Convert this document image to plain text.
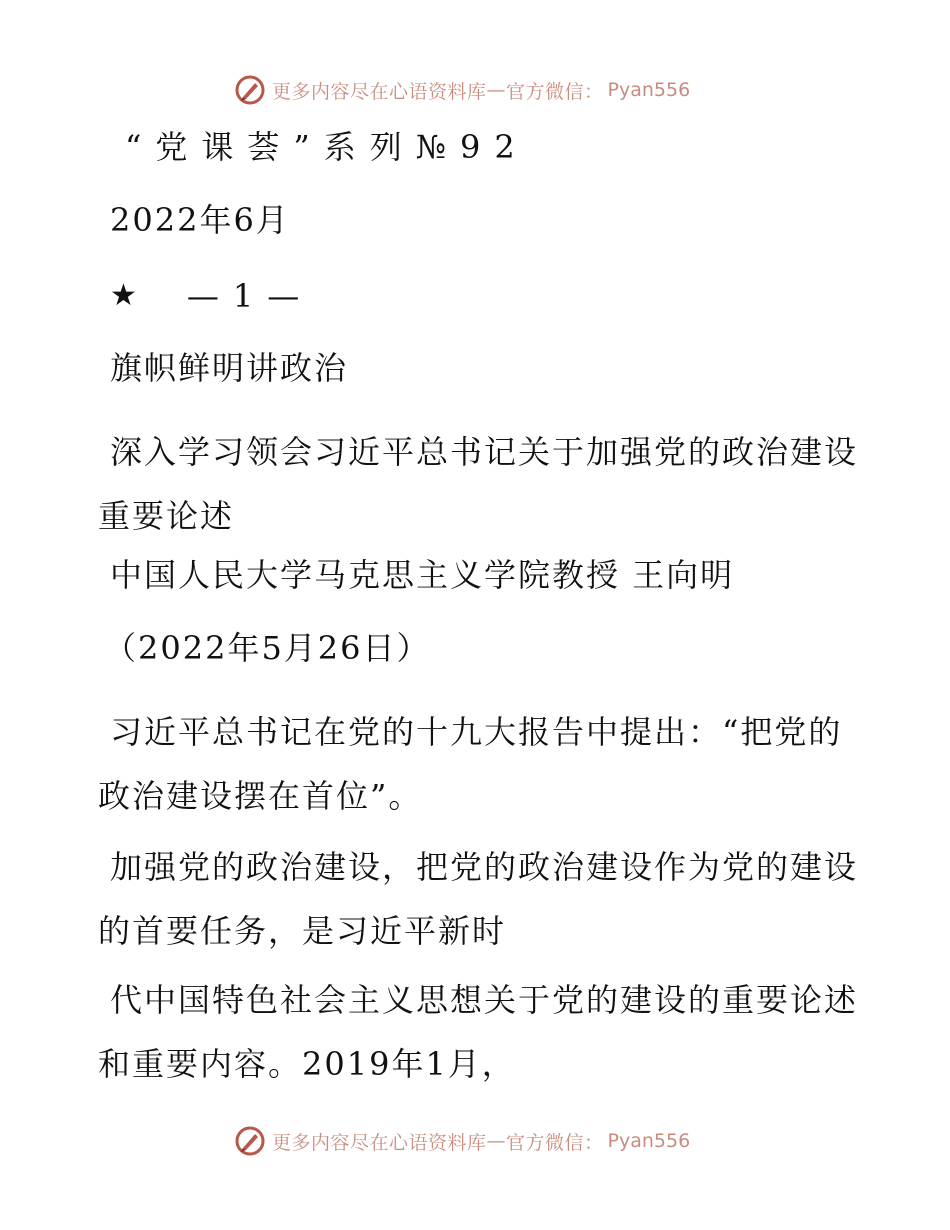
更多内容尽在心语资料库 — 官方微信： Pyan556
“党课荟”系列№92
2022年6月
★ —1—
旗帜鲜明讲政治
深入学习领会习近平总书记关于加强党的政治建设重要论述
中国人民大学马克思主义学院教授 王向明
（2022年5月26日）
习近平总书记在党的十九大报告中提出：“把党的政治建设摆在首位”。
加强党的政治建设，把党的政治建设作为党的建设的首要任务，是习近平新时
代中国特色社会主义思想关于党的建设的重要论述和重要内容。2019年1月，
更多内容尽在心语资料库 — 官方微信： Pyan556
